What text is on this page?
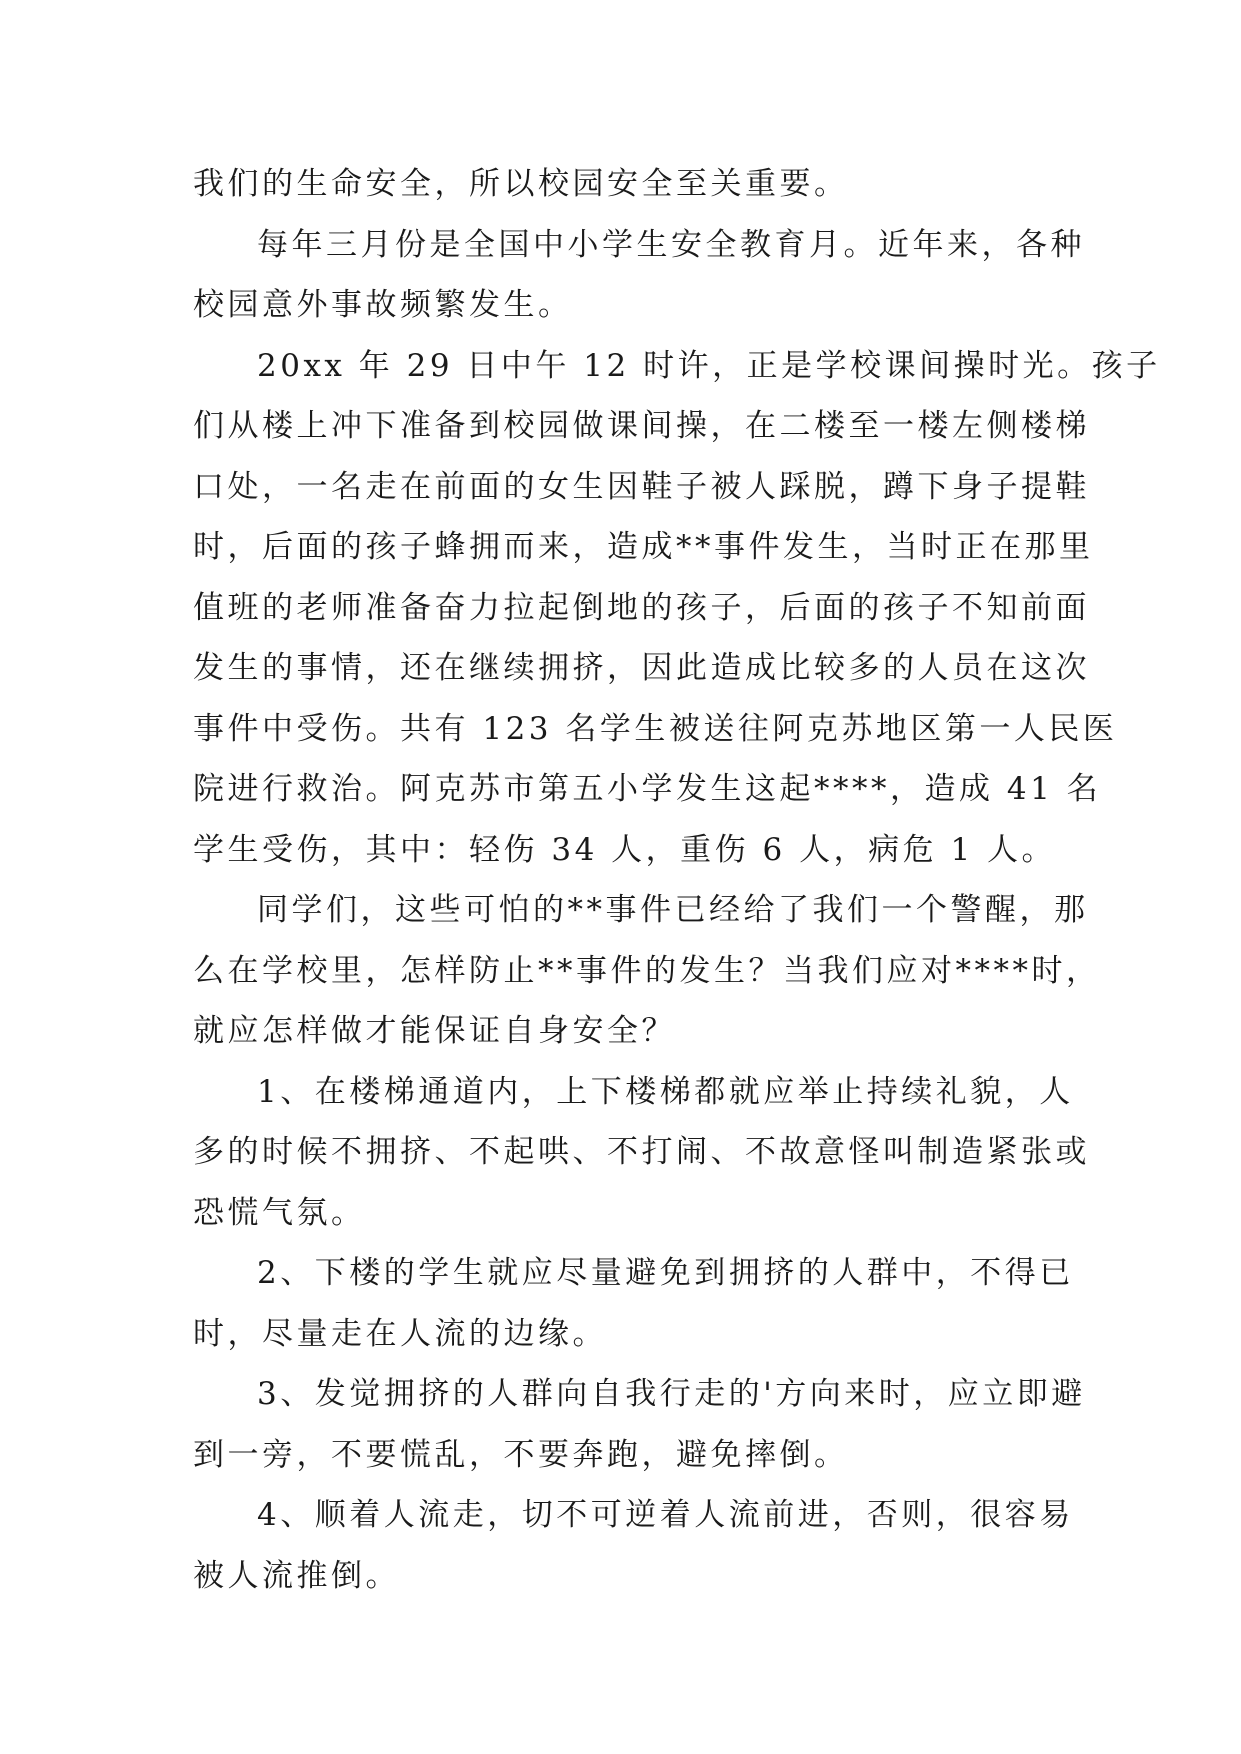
我们的生命安全，所以校园安全至关重要。

每年三月份是全国中小学生安全教育月。近年来，各种
校园意外事故频繁发生。

20xx 年 29 日中午 12 时许，正是学校课间操时光。孩子
们从楼上冲下准备到校园做课间操，在二楼至一楼左侧楼梯
口处，一名走在前面的女生因鞋子被人踩脱，蹲下身子提鞋
时，后面的孩子蜂拥而来，造成**事件发生，当时正在那里
值班的老师准备奋力拉起倒地的孩子，后面的孩子不知前面
发生的事情，还在继续拥挤，因此造成比较多的人员在这次
事件中受伤。共有 123 名学生被送往阿克苏地区第一人民医
院进行救治。阿克苏市第五小学发生这起****，造成 41 名
学生受伤，其中：轻伤 34 人，重伤 6 人，病危 1 人。

同学们，这些可怕的**事件已经给了我们一个警醒，那
么在学校里，怎样防止**事件的发生？当我们应对****时，
就应怎样做才能保证自身安全？

1、在楼梯通道内，上下楼梯都就应举止持续礼貌，人
多的时候不拥挤、不起哄、不打闹、不故意怪叫制造紧张或
恐慌气氛。

2、下楼的学生就应尽量避免到拥挤的人群中，不得已
时，尽量走在人流的边缘。

3、发觉拥挤的人群向自我行走的'方向来时，应立即避
到一旁，不要慌乱，不要奔跑，避免摔倒。

4、顺着人流走，切不可逆着人流前进，否则，很容易
被人流推倒。
